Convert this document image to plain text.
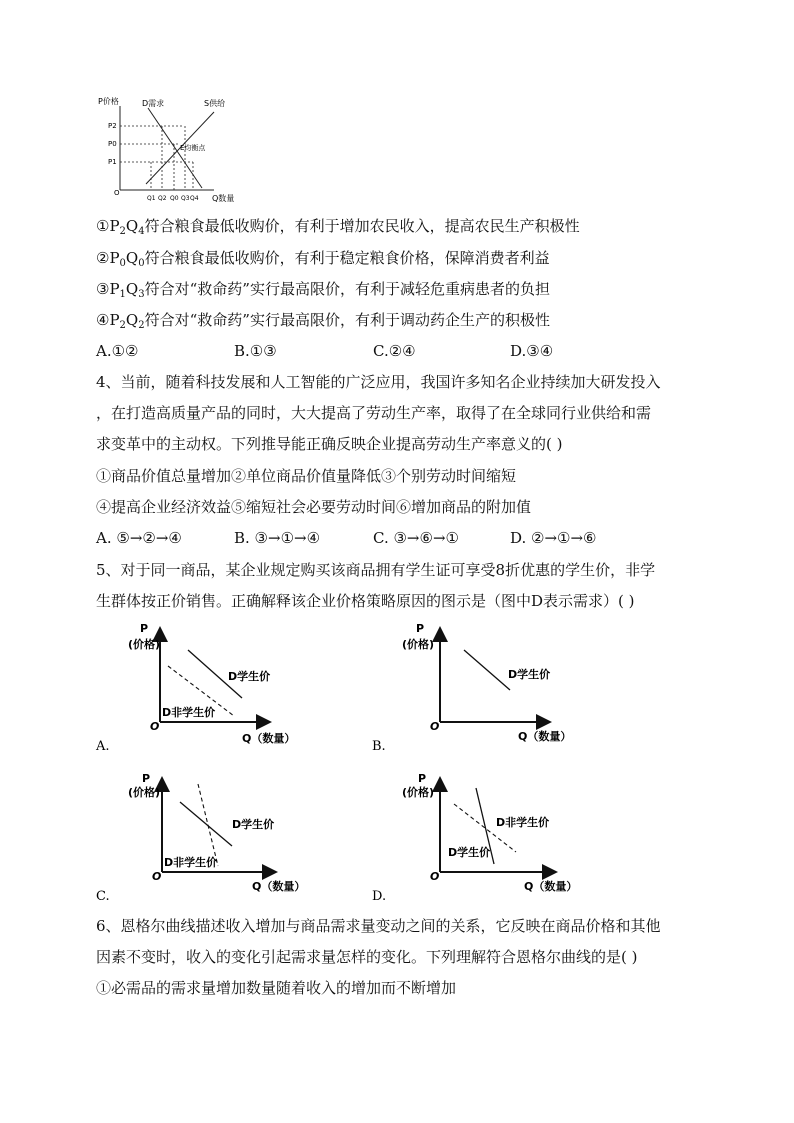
P价格	D需求	S供给
P2
P0
P1
E均衡点
O
Q1 Q2 Q0 Q3 Q4 Q数量
$①P_2Q_4$符合粮食最低收购价，有利于增加农民收入，提高农民生产积极性
$②P_0Q_0$符合粮食最低收购价，有利于稳定粮食价格，保障消费者利益
$③P_1Q_3$符合对“救命药”实行最高限价，有利于减轻危重病患者的负担
$④P_2Q_2$符合对“救命药”实行最高限价，有利于调动药企生产的积极性
A.①②	B.①③	C.②④	D.③④
4、当前，随着科技发展和人工智能的广泛应用，我国许多知名企业持续加大研发投入
，在打造高质量产品的同时，大大提高了劳动生产率，取得了在全球同行业供给和需
求变革中的主动权。下列推导能正确反映企业提高劳动生产率意义的( )
①商品价值总量增加②单位商品价值量降低③个别劳动时间缩短
④提高企业经济效益⑤缩短社会必要劳动时间⑥增加商品的附加值
A. ⑤→②→④	B. ③→①→④	C. ③→⑥→①	D. ②→①→⑥
5、对于同一商品，某企业规定购买该商品拥有学生证可享受8折优惠的学生价，非学
生群体按正价销售。正确解释该企业价格策略原因的图示是（图中D表示需求）( )
P
(价格)
O
D学生价
D非学生价
Q（数量）
A.
P
(价格)
O
D学生价
Q（数量）
B.
P
(价格)
O
D学生价
D非学生价
Q（数量）
C.
P
(价格)
O
D非学生价
D学生价
Q（数量）
D.
6、恩格尔曲线描述收入增加与商品需求量变动之间的关系，它反映在商品价格和其他
因素不变时，收入的变化引起需求量怎样的变化。下列理解符合恩格尔曲线的是( )
①必需品的需求量增加数量随着收入的增加而不断增加
